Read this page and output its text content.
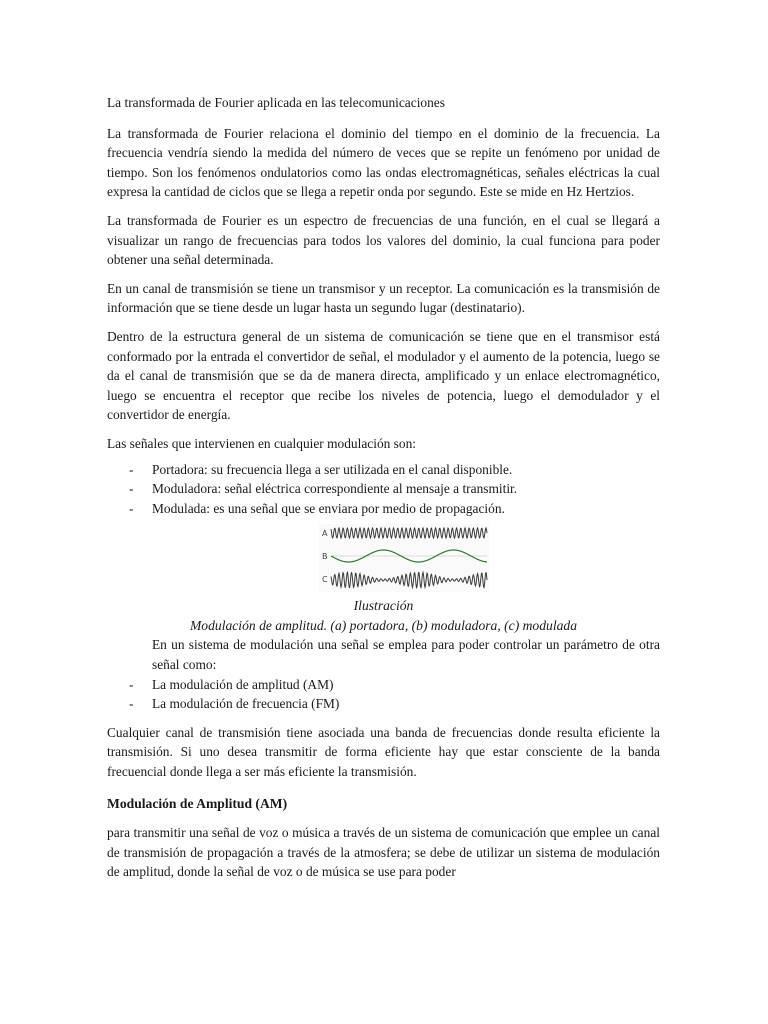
La transformada de Fourier aplicada en las telecomunicaciones

La transformada de Fourier relaciona el dominio del tiempo en el dominio de la frecuencia. La frecuencia vendría siendo la medida del número de veces que se repite un fenómeno por unidad de tiempo. Son los fenómenos ondulatorios como las ondas electromagnéticas, señales eléctricas la cual expresa la cantidad de ciclos que se llega a repetir onda por segundo. Este se mide en Hz Hertzios.

La transformada de Fourier es un espectro de frecuencias de una función, en el cual se llegará a visualizar un rango de frecuencias para todos los valores del dominio, la cual funciona para poder obtener una señal determinada.

En un canal de transmisión se tiene un transmisor y un receptor. La comunicación es la transmisión de información que se tiene desde un lugar hasta un segundo lugar (destinatario).

Dentro de la estructura general de un sistema de comunicación se tiene que en el transmisor está conformado por la entrada el convertidor de señal, el modulador y el aumento de la potencia, luego se da el canal de transmisión que se da de manera directa, amplificado y un enlace electromagnético, luego se encuentra el receptor que recibe los niveles de potencia, luego el demodulador y el convertidor de energía.

Las señales que intervienen en cualquier modulación son:

- Portadora: su frecuencia llega a ser utilizada en el canal disponible.
- Moduladora: señal eléctrica correspondiente al mensaje a transmitir.
- Modulada: es una señal que se enviara por medio de propagación.
A
B
C

Ilustración

Modulación de amplitud. (a) portadora, (b) moduladora, (c) modulada

En un sistema de modulación una señal se emplea para poder controlar un parámetro de otra señal como:

- La modulación de amplitud (AM)
- La modulación de frecuencia (FM)

Cualquier canal de transmisión tiene asociada una banda de frecuencias donde resulta eficiente la transmisión. Si uno desea transmitir de forma eficiente hay que estar consciente de la banda frecuencial donde llega a ser más eficiente la transmisión.

Modulación de Amplitud (AM)

para transmitir una señal de voz o música a través de un sistema de comunicación que emplee un canal de transmisión de propagación a través de la atmosfera; se debe de utilizar un sistema de modulación de amplitud, donde la señal de voz o de música se use para poder
